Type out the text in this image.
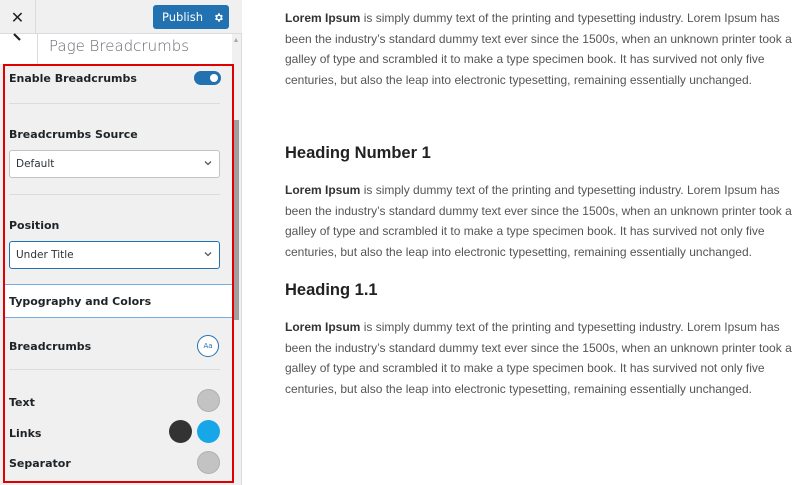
✕	Publish
Page Breadcrumbs	▲
Enable Breadcrumbs
Breadcrumbs Source
Default
Position
Under Title
Typography and Colors
Breadcrumbs	Aa
Text
Links
Separator

Lorem Ipsum is simply dummy text of the printing and typesetting industry. Lorem Ipsum has been the industry’s standard dummy text ever since the 1500s, when an unknown printer took a galley of type and scrambled it to make a type specimen book. It has survived not only five centuries, but also the leap into electronic typesetting, remaining essentially unchanged.

Heading Number 1

Lorem Ipsum is simply dummy text of the printing and typesetting industry. Lorem Ipsum has been the industry’s standard dummy text ever since the 1500s, when an unknown printer took a galley of type and scrambled it to make a type specimen book. It has survived not only five centuries, but also the leap into electronic typesetting, remaining essentially unchanged.

Heading 1.1

Lorem Ipsum is simply dummy text of the printing and typesetting industry. Lorem Ipsum has been the industry’s standard dummy text ever since the 1500s, when an unknown printer took a galley of type and scrambled it to make a type specimen book. It has survived not only five centuries, but also the leap into electronic typesetting, remaining essentially unchanged.
